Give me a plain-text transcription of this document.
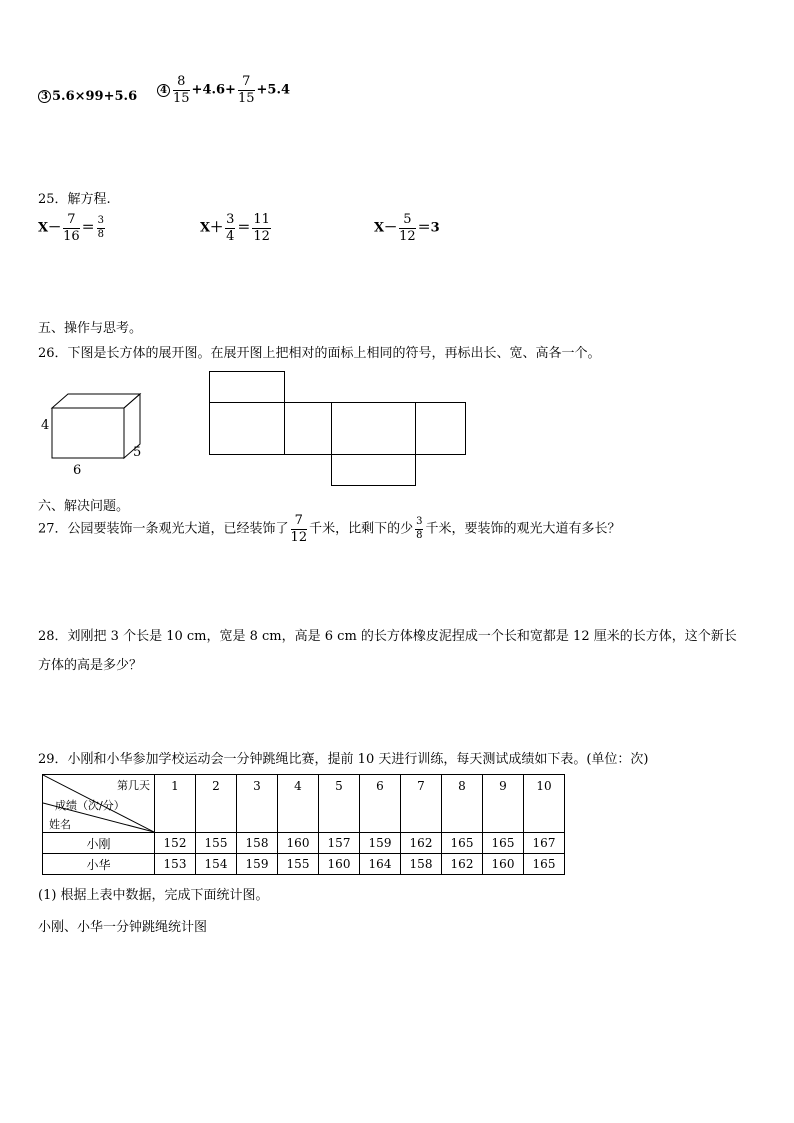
3 5.6×99+5.6	$4 \frac{8}{15} +4.6+ \frac{7}{15} +5.4$
25．解方程.
$X- \frac{7}{16} = \frac{3}{8}$	$X+ \frac{3}{4} = \frac{11}{12}$	$X- \frac{5}{12} =3$
五、操作与思考。
26．下图是长方体的展开图。在展开图上把相对的面标上相同的符号，再标出长、宽、高各一个。
4
6
5
六、解决问题。
27．公园要装饰一条观光大道，已经装饰了 $\frac{7}{12}$ 千米，比剩下的少 $\frac{3}{8}$ 千米，要装饰的观光大道有多长？
28．刘刚把 3 个长是 10 cm，宽是 8 cm，高是 6 cm 的长方体橡皮泥捏成一个长和宽都是 12 厘米的长方体，这个新长
方体的高是多少？
29．小刚和小华参加学校运动会一分钟跳绳比赛，提前 10 天进行训练，每天测试成绩如下表。(单位：次)
第几天
成绩（次/分）
姓名	1	2	3	4	5	6	7	8	9	10
小刚	152	155	158	160	157	159	162	165	165	167
小华	153	154	159	155	160	164	158	162	160	165
(1) 根据上表中数据，完成下面统计图。
小刚、小华一分钟跳绳统计图
